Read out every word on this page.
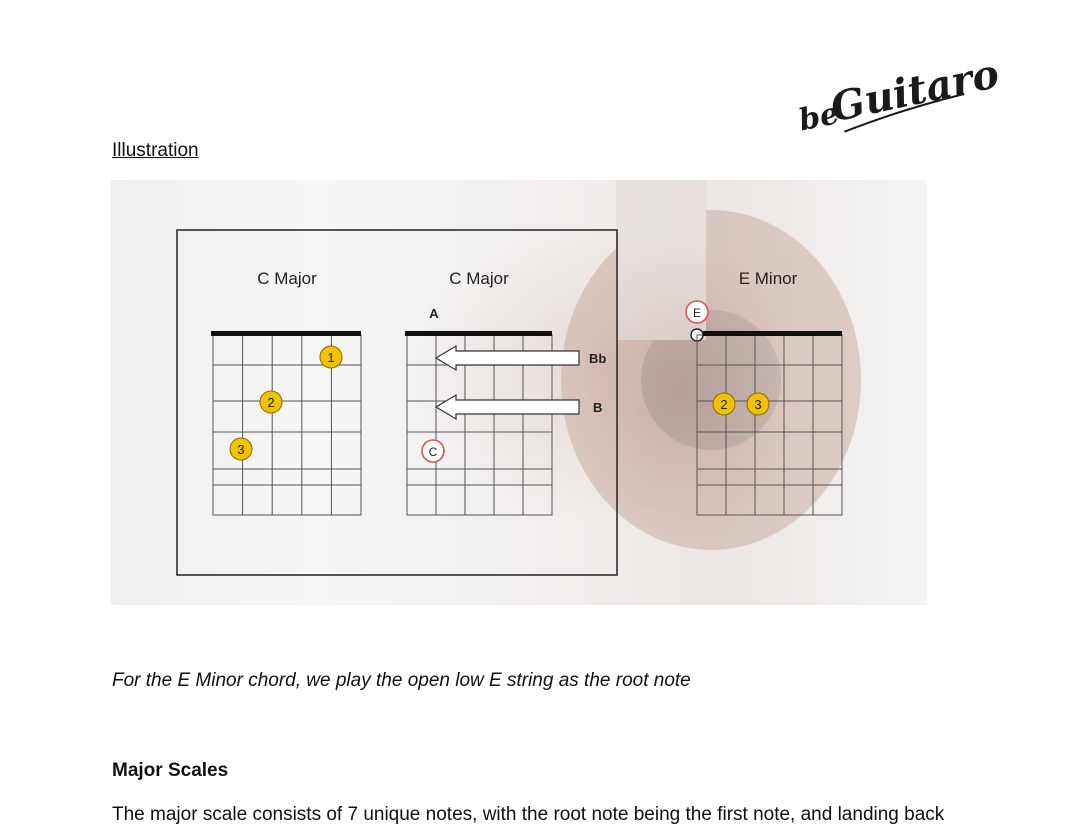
be
Guitaro
Illustration
C Major
1
2
3
C Major
A
Bb
B
C
E Minor
E
2 3
For the E Minor chord, we play the open low E string as the root note
Major Scales
The major scale consists of 7 unique notes, with the root note being the first note, and landing back
